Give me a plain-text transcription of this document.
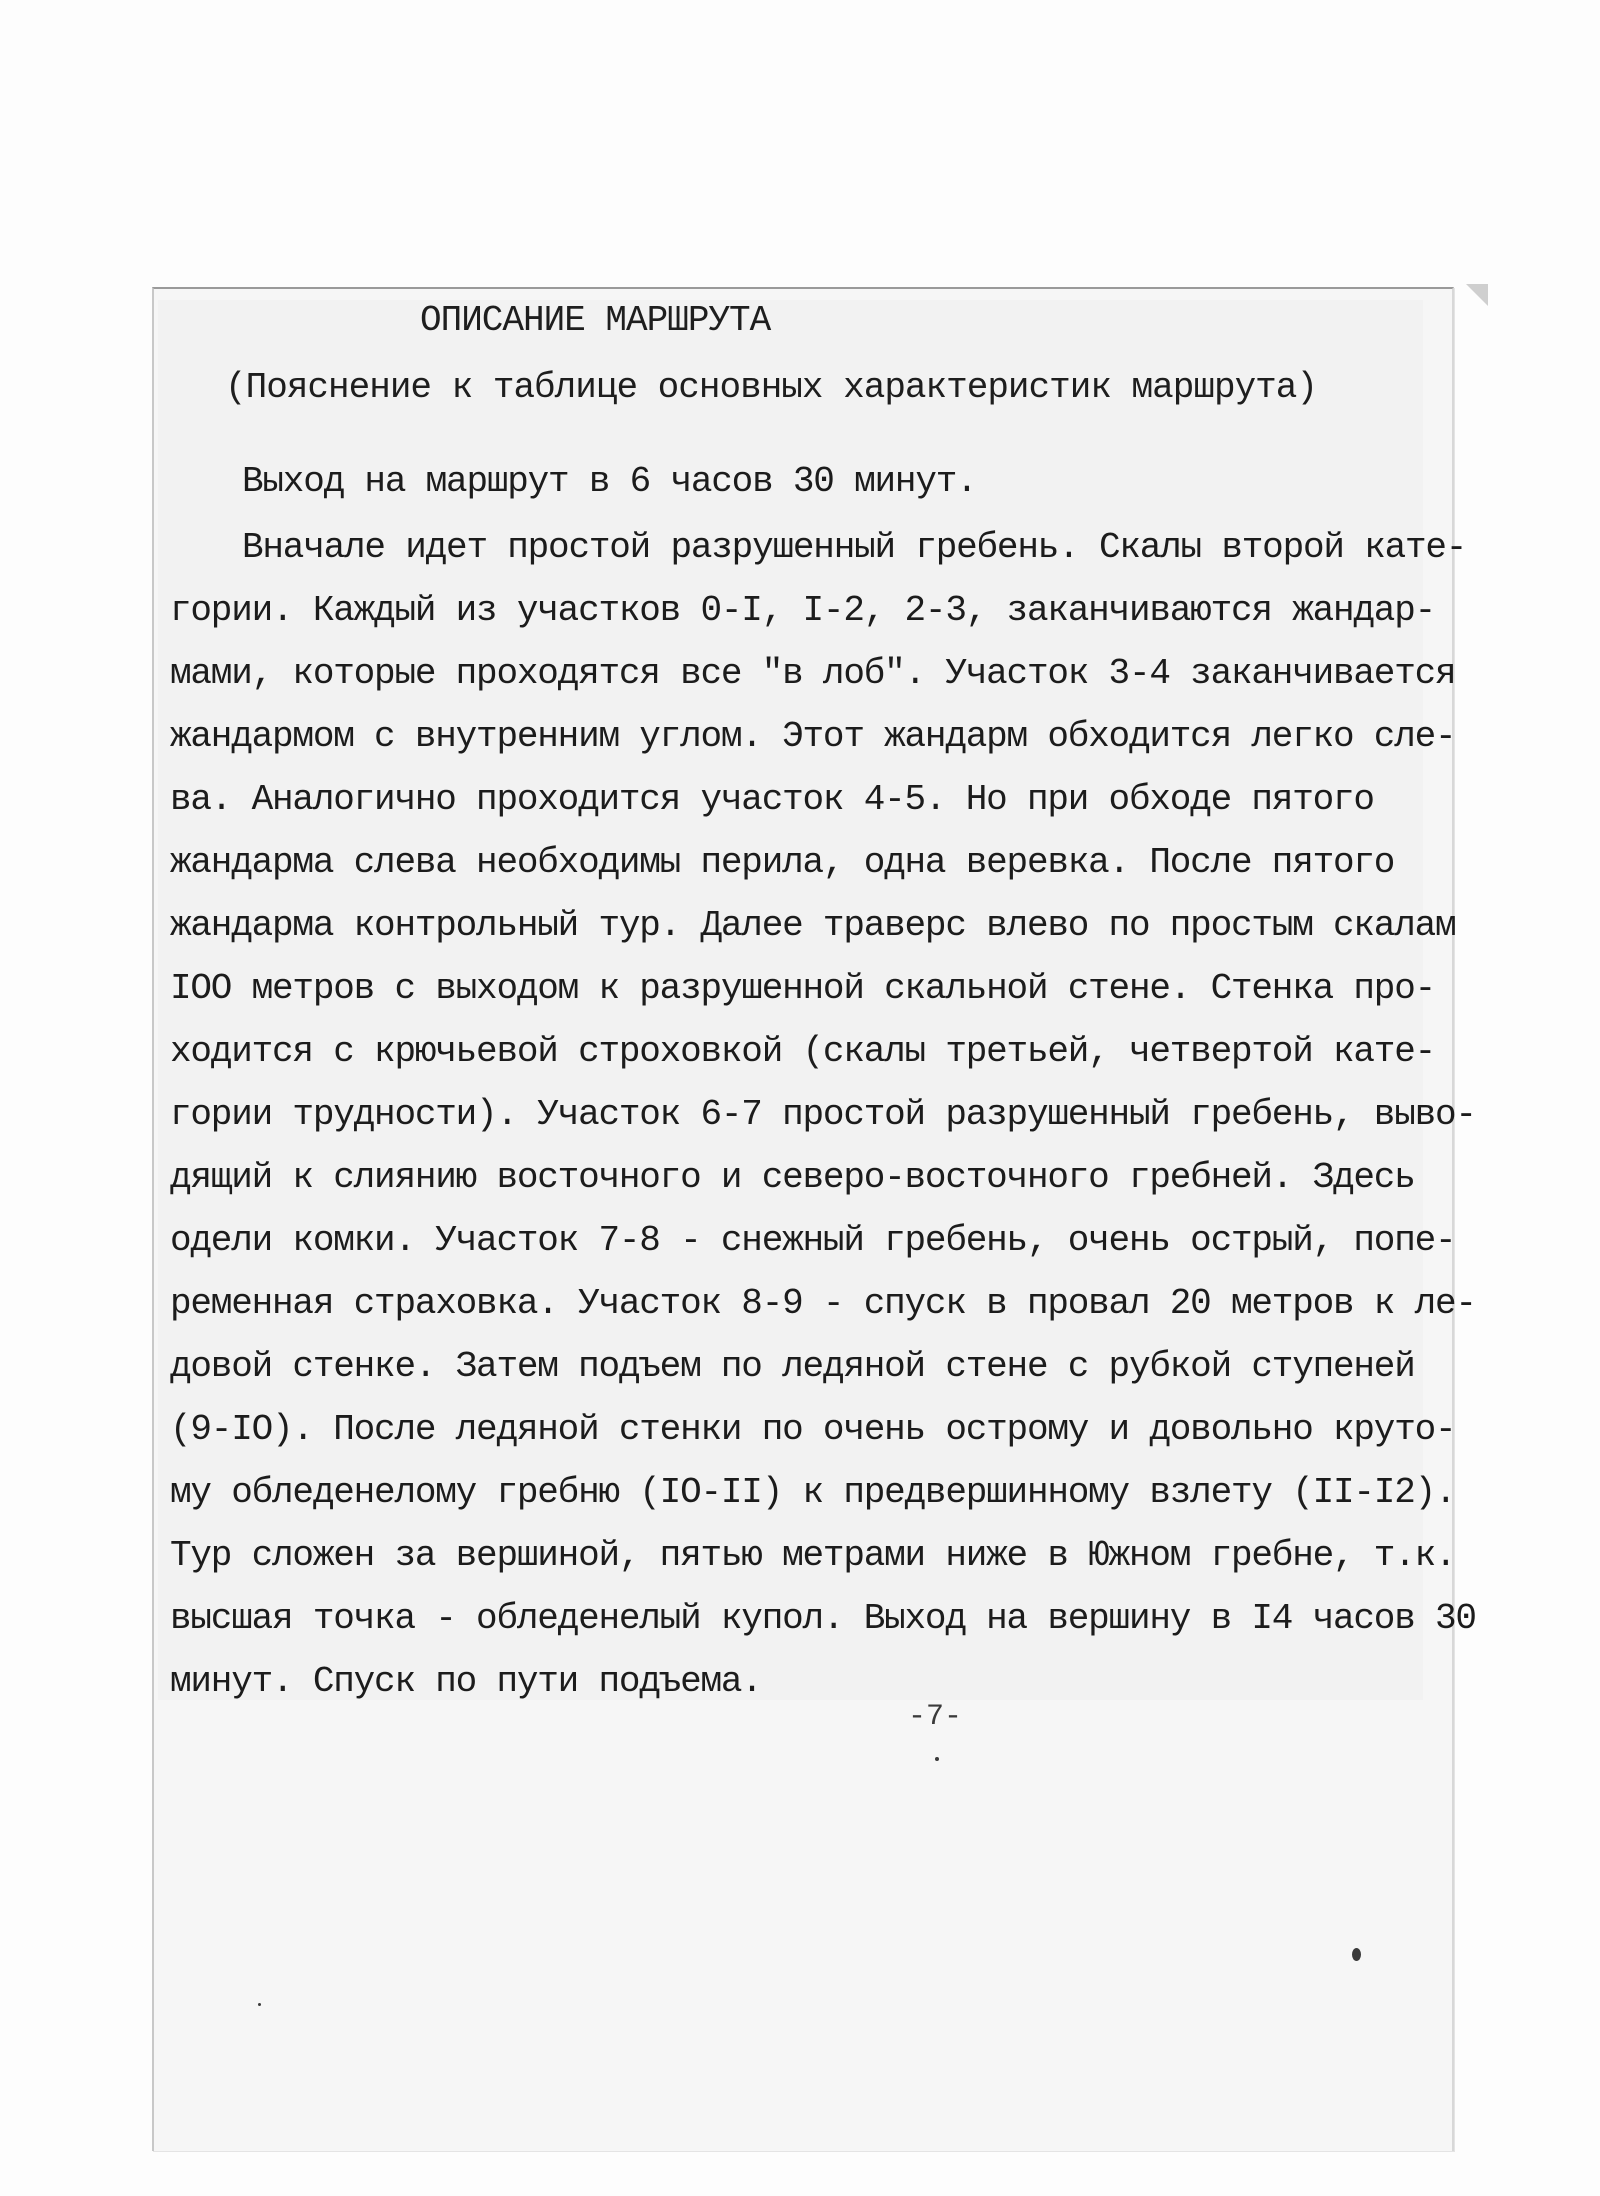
ОПИСАНИЕ МАРШРУТА

(Пояснение к таблице основных характеристик маршрута)

Выход на маршрут в 6 часов 30 минут.

Вначале идет простой разрушенный гребень. Скалы второй кате-

гории. Каждый из участков 0-I, I-2, 2-3, заканчиваются жандар-

мами, которые проходятся все "в лоб". Участок 3-4 заканчивается

жандармом с внутренним углом. Этот жандарм обходится легко сле-

ва. Аналогично проходится участок 4-5. Но при обходе пятого

жандарма слева необходимы перила, одна веревка. После пятого

жандарма контрольный тур. Далее траверс влево по простым скалам

IOO метров с выходом к разрушенной скальной стене. Стенка про-

ходится с крючьевой строховкой (скалы третьей, четвертой кате-

гории трудности). Участок 6-7 простой разрушенный гребень, выво-

дящий к слиянию восточного и северо-восточного гребней. Здесь

одели комки. Участок 7-8 - снежный гребень, очень острый, попе-

ременная страховка. Участок 8-9 - спуск в провал 20 метров к ле-

довой стенке. Затем подъем по ледяной стене с рубкой ступеней

(9-IO). После ледяной стенки по очень острому и довольно круто-

му обледенелому гребню (IO-II) к предвершинному взлету (II-I2).

Тур сложен за вершиной, пятью метрами ниже в Южном гребне, т.к.

высшая точка - обледенелый купол. Выход на вершину в I4 часов 30

минут. Спуск по пути подъема.

-7-
